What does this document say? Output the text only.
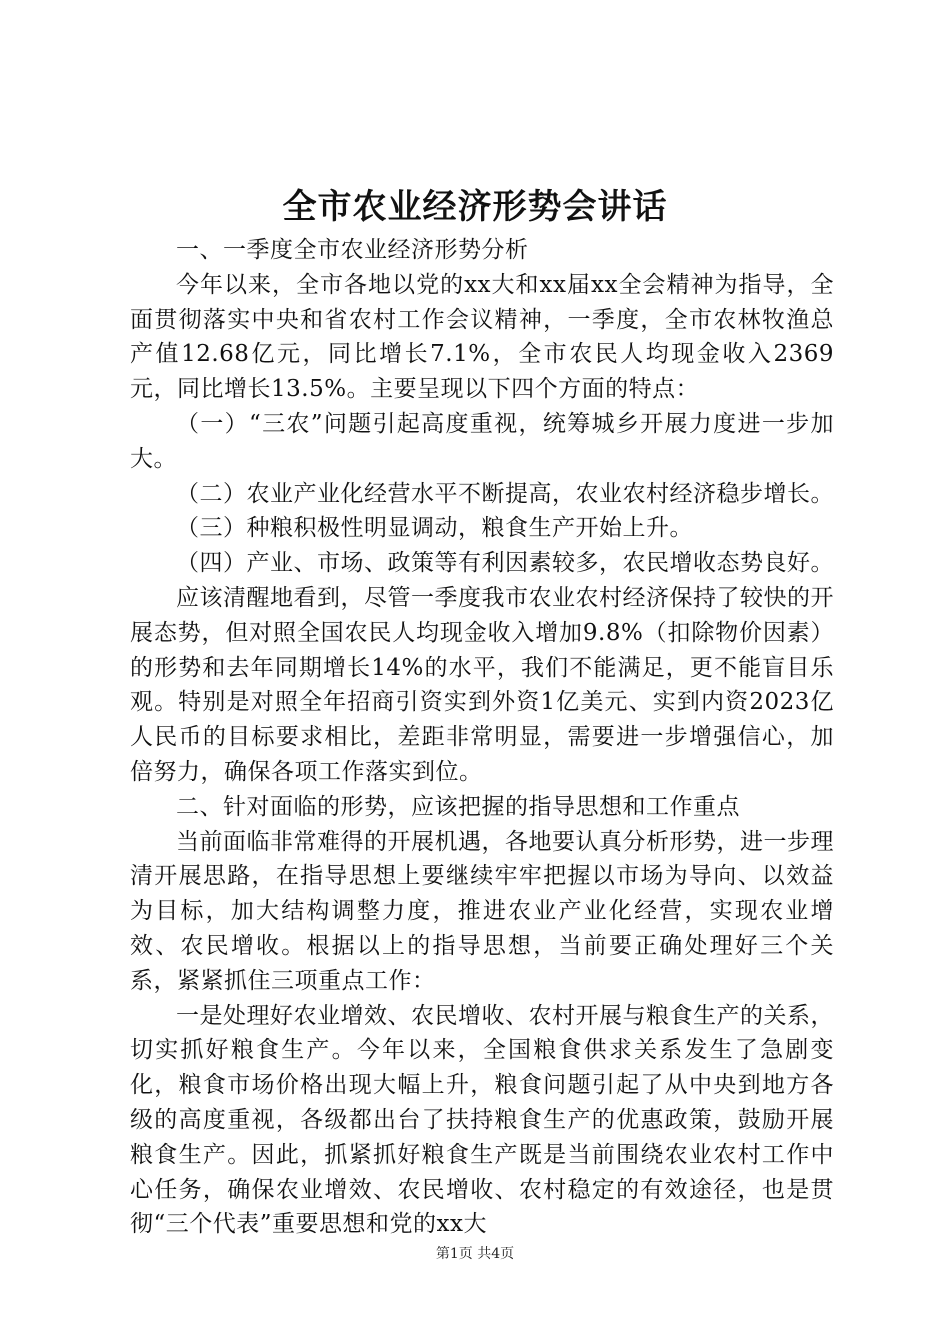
全市农业经济形势会讲话

一、一季度全市农业经济形势分析

今年以来，全市各地以党的xx大和xx届xx全会精神为指导，全面贯彻落实中央和省农村工作会议精神，一季度，全市农林牧渔总产值12.68亿元，同比增长7.1%，全市农民人均现金收入2369元，同比增长13.5%。主要呈现以下四个方面的特点：

（一）“三农”问题引起高度重视，统筹城乡开展力度进一步加大。

（二）农业产业化经营水平不断提高，农业农村经济稳步增长。

（三）种粮积极性明显调动，粮食生产开始上升。

（四）产业、市场、政策等有利因素较多，农民增收态势良好。

应该清醒地看到，尽管一季度我市农业农村经济保持了较快的开展态势，但对照全国农民人均现金收入增加9.8%（扣除物价因素）的形势和去年同期增长14%的水平，我们不能满足，更不能盲目乐观。特别是对照全年招商引资实到外资1亿美元、实到内资2023亿人民币的目标要求相比，差距非常明显，需要进一步增强信心，加倍努力，确保各项工作落实到位。

二、针对面临的形势，应该把握的指导思想和工作重点

当前面临非常难得的开展机遇，各地要认真分析形势，进一步理清开展思路，在指导思想上要继续牢牢把握以市场为导向、以效益为目标，加大结构调整力度，推进农业产业化经营，实现农业增效、农民增收。根据以上的指导思想，当前要正确处理好三个关系，紧紧抓住三项重点工作：

一是处理好农业增效、农民增收、农村开展与粮食生产的关系，切实抓好粮食生产。今年以来，全国粮食供求关系发生了急剧变化，粮食市场价格出现大幅上升，粮食问题引起了从中央到地方各级的高度重视，各级都出台了扶持粮食生产的优惠政策，鼓励开展粮食生产。因此，抓紧抓好粮食生产既是当前围绕农业农村工作中心任务，确保农业增效、农民增收、农村稳定的有效途径，也是贯彻“三个代表”重要思想和党的xx大

第1页 共4页
